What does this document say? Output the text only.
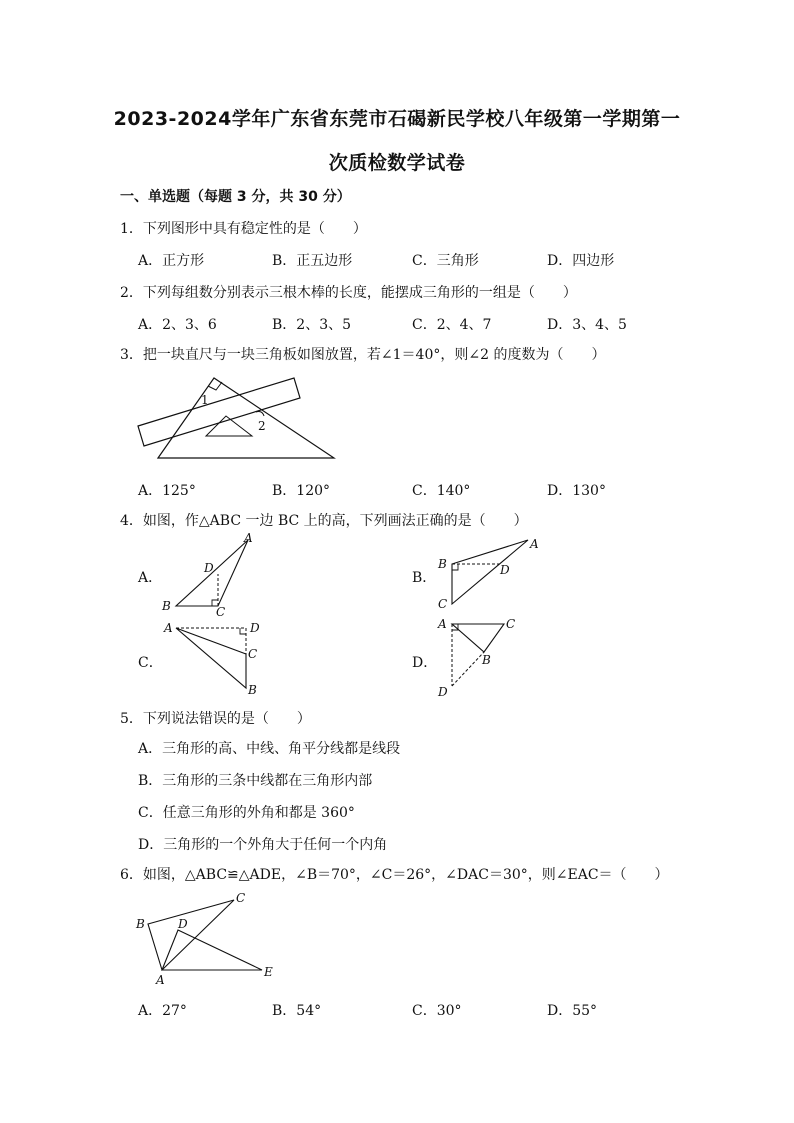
2023-2024学年广东省东莞市石碣新民学校八年级第一学期第一
次质检数学试卷
一、单选题（每题 3 分，共 30 分）
1．下列图形中具有稳定性的是（　　）
A．正方形	B．正五边形	C．三角形	D．四边形
2．下列每组数分别表示三根木棒的长度，能摆成三角形的一组是（　　）
A．2、3、6	B．2、3、5	C．2、4、7	D．3、4、5
3．把一块直尺与一块三角板如图放置，若∠1＝40°，则∠2 的度数为（　　）
1
2
A．125°	B．120°	C．140°	D．130°
4．如图，作△ABC 一边 BC 上的高，下列画法正确的是（　　）
A．
A
D
B	C
B．
A
B	D
C
C．
A	D
C
B
D．
A	C
B
D
5．下列说法错误的是（　　）
A．三角形的高、中线、角平分线都是线段
B．三角形的三条中线都在三角形内部
C．任意三角形的外角和都是 360°
D．三角形的一个外角大于任何一个内角
6．如图，△ABC≌△ADE，∠B＝70°，∠C＝26°，∠DAC＝30°，则∠EAC＝（　　）
C
B	D
A
E
A．27°	B．54°	C．30°	D．55°
